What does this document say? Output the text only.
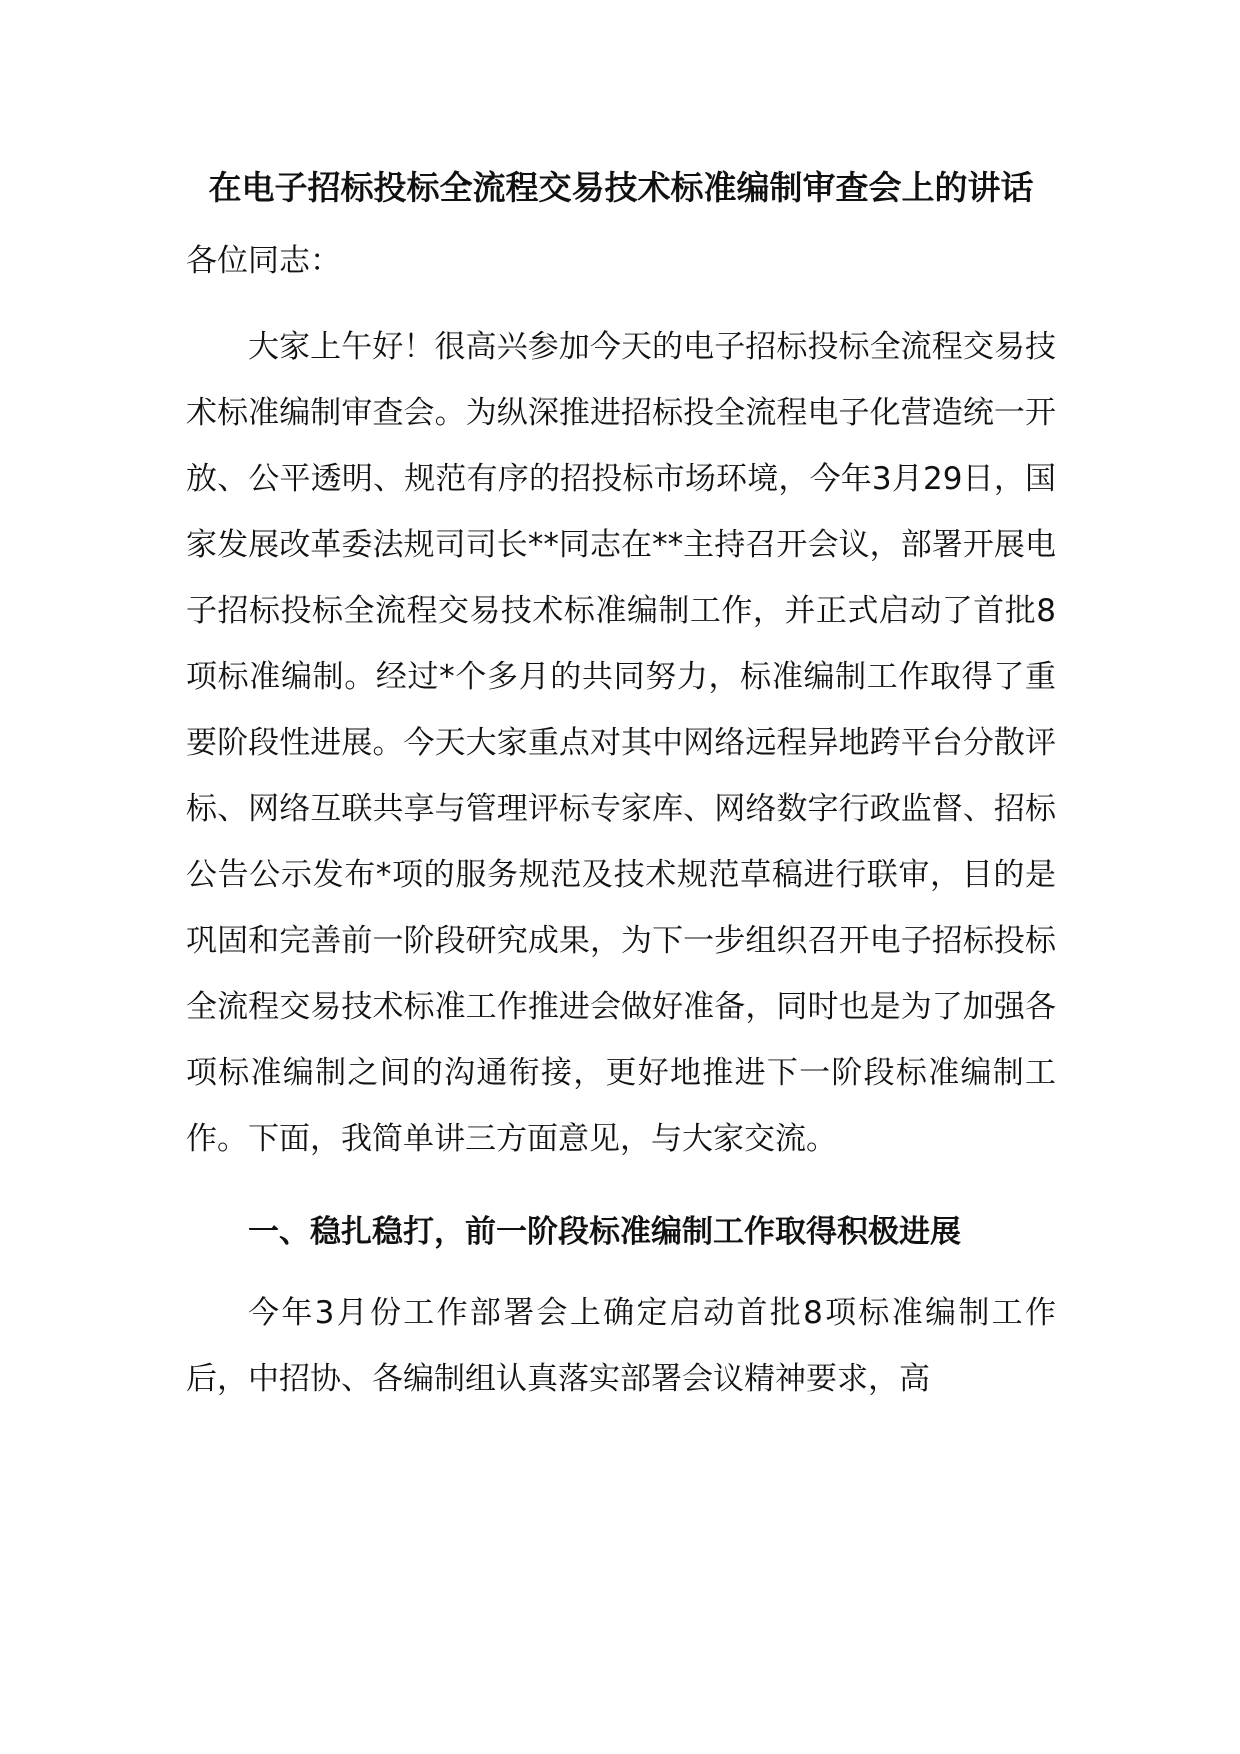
在电子招标投标全流程交易技术标准编制审查会上的讲话

各位同志：

大家上午好！很高兴参加今天的电子招标投标全流程交易技术标准编制审查会。为纵深推进招标投全流程电子化营造统一开放、公平透明、规范有序的招投标市场环境，今年3月29日，国家发展改革委法规司司长**同志在**主持召开会议，部署开展电子招标投标全流程交易技术标准编制工作，并正式启动了首批8项标准编制。经过*个多月的共同努力，标准编制工作取得了重要阶段性进展。今天大家重点对其中网络远程异地跨平台分散评标、网络互联共享与管理评标专家库、网络数字行政监督、招标公告公示发布*项的服务规范及技术规范草稿进行联审，目的是巩固和完善前一阶段研究成果，为下一步组织召开电子招标投标全流程交易技术标准工作推进会做好准备，同时也是为了加强各项标准编制之间的沟通衔接，更好地推进下一阶段标准编制工作。下面，我简单讲三方面意见，与大家交流。

一、稳扎稳打，前一阶段标准编制工作取得积极进展

今年3月份工作部署会上确定启动首批8项标准编制工作后，中招协、各编制组认真落实部署会议精神要求，高
